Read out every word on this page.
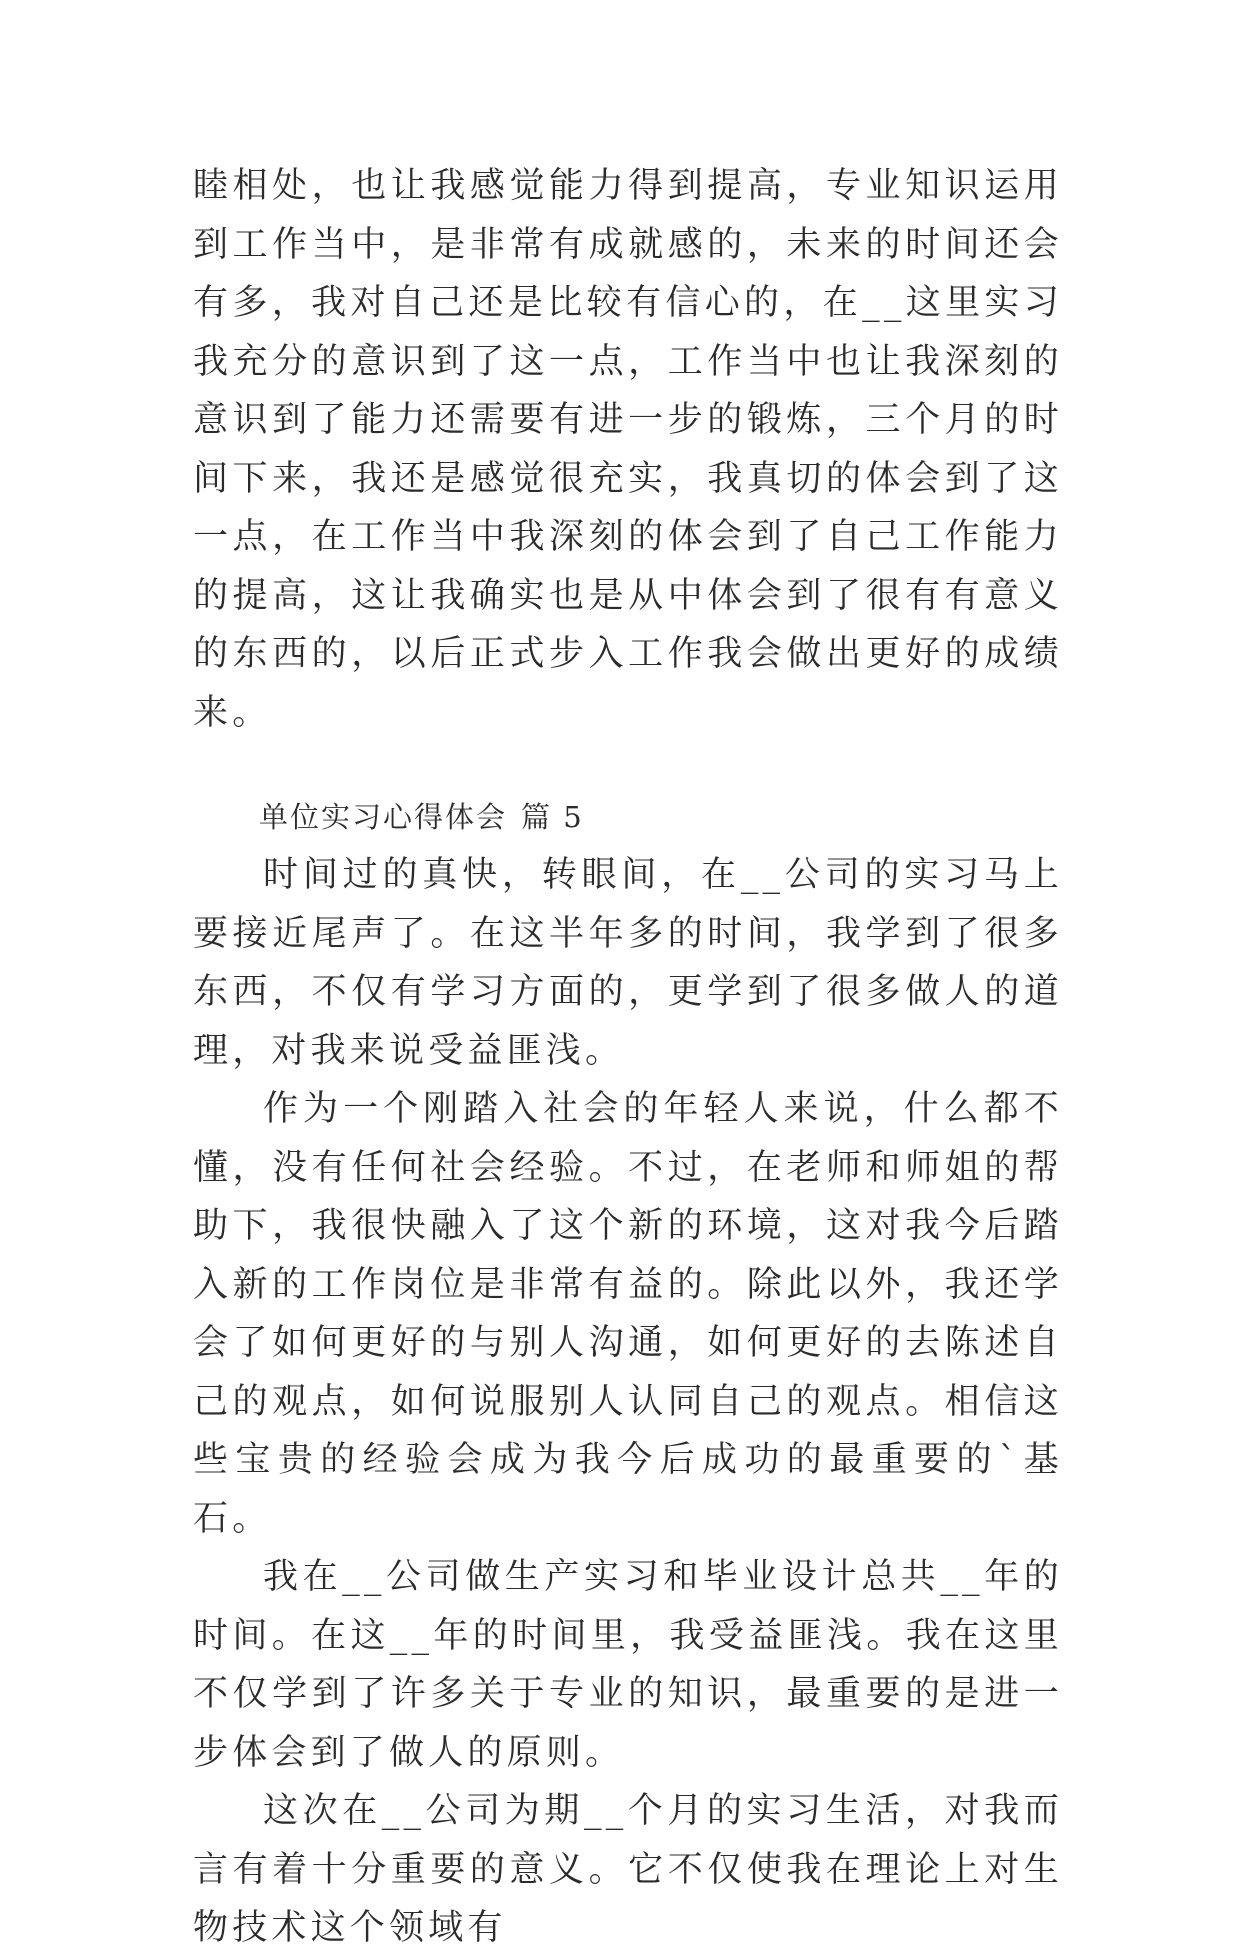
睦相处，也让我感觉能力得到提高，专业知识运用到工作当中，是非常有成就感的，未来的时间还会有多，我对自己还是比较有信心的，在__这里实习我充分的意识到了这一点，工作当中也让我深刻的意识到了能力还需要有进一步的锻炼，三个月的时间下来，我还是感觉很充实，我真切的体会到了这一点，在工作当中我深刻的体会到了自己工作能力的提高，这让我确实也是从中体会到了很有有意义的东西的，以后正式步入工作我会做出更好的成绩来。

单位实习心得体会 篇 5

时间过的真快，转眼间，在__公司的实习马上要接近尾声了。在这半年多的时间，我学到了很多东西，不仅有学习方面的，更学到了很多做人的道理，对我来说受益匪浅。

作为一个刚踏入社会的年轻人来说，什么都不懂，没有任何社会经验。不过，在老师和师姐的帮助下，我很快融入了这个新的环境，这对我今后踏入新的工作岗位是非常有益的。除此以外，我还学会了如何更好的与别人沟通，如何更好的去陈述自己的观点，如何说服别人认同自己的观点。相信这些宝贵的经验会成为我今后成功的最重要的`基石。

我在__公司做生产实习和毕业设计总共__年的时间。在这__年的时间里，我受益匪浅。我在这里不仅学到了许多关于专业的知识，最重要的是进一步体会到了做人的原则。

这次在__公司为期__个月的实习生活，对我而言有着十分重要的意义。它不仅使我在理论上对生物技术这个领域有
